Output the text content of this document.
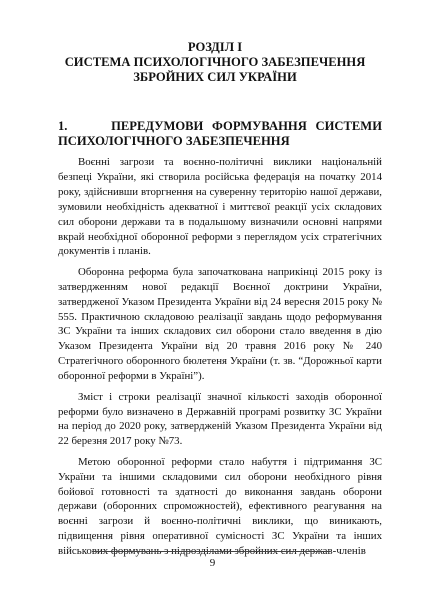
РОЗДІЛ І
СИСТЕМА ПСИХОЛОГІЧНОГО ЗАБЕЗПЕЧЕННЯ
ЗБРОЙНИХ СИЛ УКРАЇНИ
1.     ПЕРЕДУМОВИ ФОРМУВАННЯ СИСТЕМИ ПСИХОЛОГІЧНОГО ЗАБЕЗПЕЧЕННЯ

Воєнні загрози та воєнно-політичні виклики національній безпеці України, які створила російська федерація на початку 2014 року, здійснивши вторгнення на суверенну територію нашої держави, зумовили необхідність адекватної і миттєвої реакції усіх складових сил оборони держави та в подальшому визначили основні напрями вкрай необхідної оборонної реформи з переглядом усіх стратегічних документів і планів.

Оборонна реформа була започаткована наприкінці 2015 року із затвердженням нової редакції Воєнної доктрини України, затвердженої Указом Президента України від 24 вересня 2015 року № 555. Практичною складовою реалізації завдань щодо реформування ЗС України та інших складових сил оборони стало введення в дію Указом Президента України від 20 травня 2016 року № 240 Стратегічного оборонного бюлетеня України (т. зв. “Дорожньої карти оборонної реформи в Україні”).

Зміст і строки реалізації значної кількості заходів оборонної реформи було визначено в Державній програмі розвитку ЗС України на період до 2020 року, затвердженій Указом Президента України від 22 березня 2017 року №73.

Метою оборонної реформи стало набуття і підтримання ЗС України та іншими складовими сил оборони необхідного рівня бойової готовності та здатності до виконання завдань оборони держави (оборонних спроможностей), ефективного реагування на воєнні загрози й воєнно-політичні виклики, що виникають, підвищення рівня оперативної сумісності ЗС України та інших військових формувань з підрозділами збройних сил держав-членів

9
